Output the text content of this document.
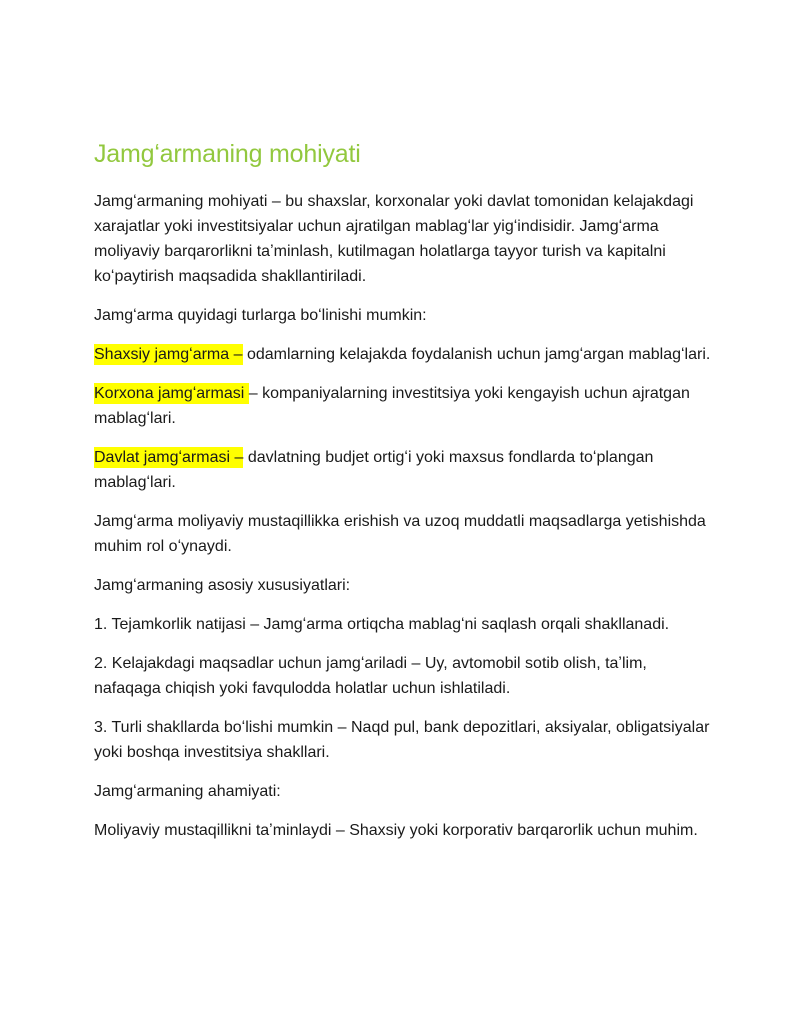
Jamgʻarmaning mohiyati

Jamgʻarmaning mohiyati – bu shaxslar, korxonalar yoki davlat tomonidan kelajakdagi xarajatlar yoki investitsiyalar uchun ajratilgan mablagʻlar yigʻindisidir. Jamgʻarma moliyaviy barqarorlikni taʼminlash, kutilmagan holatlarga tayyor turish va kapitalni koʻpaytirish maqsadida shakllantiriladi.

Jamgʻarma quyidagi turlarga boʻlinishi mumkin:

Shaxsiy jamgʻarma – odamlarning kelajakda foydalanish uchun jamgʻargan mablagʻlari.

Korxona jamgʻarmasi – kompaniyalarning investitsiya yoki kengayish uchun ajratgan mablagʻlari.

Davlat jamgʻarmasi – davlatning budjet ortigʻi yoki maxsus fondlarda toʻplangan mablagʻlari.

Jamgʻarma moliyaviy mustaqillikka erishish va uzoq muddatli maqsadlarga yetishishda muhim rol oʻynaydi.

Jamgʻarmaning asosiy xususiyatlari:

1. Tejamkorlik natijasi – Jamgʻarma ortiqcha mablagʻni saqlash orqali shakllanadi.

2. Kelajakdagi maqsadlar uchun jamgʻariladi – Uy, avtomobil sotib olish, taʼlim, nafaqaga chiqish yoki favqulodda holatlar uchun ishlatiladi.

3. Turli shakllarda boʻlishi mumkin – Naqd pul, bank depozitlari, aksiyalar, obligatsiyalar yoki boshqa investitsiya shakllari.

Jamgʻarmaning ahamiyati:

Moliyaviy mustaqillikni taʼminlaydi – Shaxsiy yoki korporativ barqarorlik uchun muhim.
